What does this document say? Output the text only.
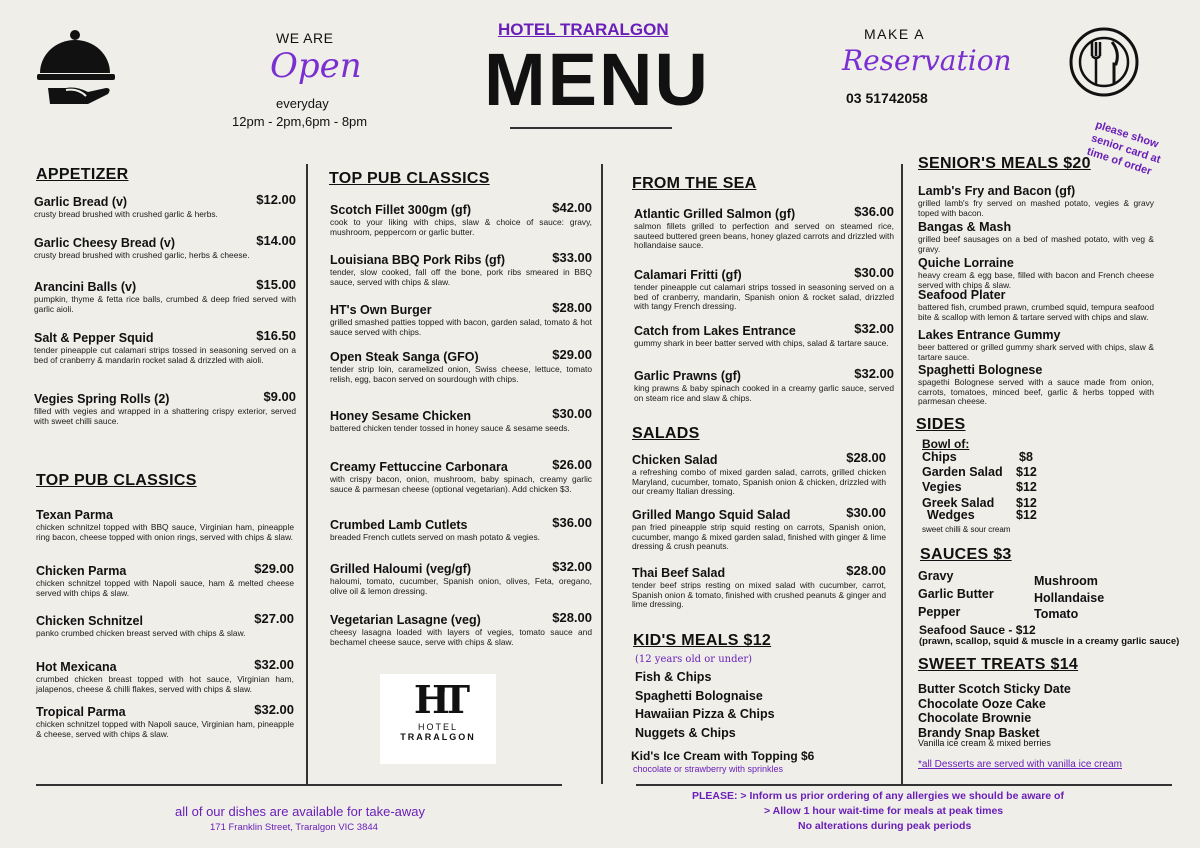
WE ARE
Open
everyday
12pm - 2pm,6pm - 8pm
HOTEL TRARALGON
MENU
MAKE A
Reservation
03 51742058
please show senior card at time of order
APPETIZER
Garlic Bread (v)	$12.00
crusty bread brushed with crushed garlic & herbs.
Garlic Cheesy Bread (v)	$14.00
crusty bread brushed with crushed garlic, herbs & cheese.
Arancini Balls (v)	$15.00
pumpkin, thyme & fetta rice balls, crumbed & deep fried served with garlic aioli.
Salt & Pepper Squid	$16.50
tender pineapple cut calamari strips tossed in seasoning served on a bed of cranberry & mandarin rocket salad & drizzled with aioli.
Vegies Spring Rolls (2)	$9.00
filled with vegies and wrapped in a shattering crispy exterior, served with sweet chilli sauce.
TOP PUB CLASSICS
Texan Parma
chicken schnitzel topped with BBQ sauce, Virginian ham, pineapple ring bacon, cheese topped with onion rings, served with chips & slaw.
Chicken Parma	$29.00
chicken schnitzel topped with Napoli sauce, ham & melted cheese served with chips & slaw.
Chicken Schnitzel	$27.00
panko crumbed chicken breast served with chips & slaw.
Hot Mexicana	$32.00
crumbed chicken breast topped with hot sauce, Virginian ham, jalapenos, cheese & chilli flakes, served with chips & slaw.
Tropical Parma	$32.00
chicken schnitzel topped with Napoli sauce, Virginian ham, pineapple & cheese, served with chips & slaw.
TOP PUB CLASSICS
Scotch Fillet 300gm (gf)	$42.00
cook to your liking with chips, slaw & choice of sauce: gravy, mushroom, peppercorn or garlic butter.
Louisiana BBQ Pork Ribs (gf)	$33.00
tender, slow cooked, fall off the bone, pork ribs smeared in BBQ sauce, served with chips & slaw.
HT's Own Burger	$28.00
grilled smashed patties topped with bacon, garden salad, tomato & hot sauce served with chips.
Open Steak Sanga (GFO)	$29.00
tender strip loin, caramelized onion, Swiss cheese, lettuce, tomato relish, egg, bacon served on sourdough with chips.
Honey Sesame Chicken	$30.00
battered chicken tender tossed in honey sauce & sesame seeds.
Creamy Fettuccine Carbonara	$26.00
with crispy bacon, onion, mushroom, baby spinach, creamy garlic sauce & parmesan cheese (optional vegetarian). Add chicken $3.
Crumbed Lamb Cutlets	$36.00
breaded French cutlets served on mash potato & vegies.
Grilled Haloumi (veg/gf)	$32.00
haloumi, tomato, cucumber, Spanish onion, olives, Feta, oregano, olive oil & lemon dressing.
Vegetarian Lasagne (veg)	$28.00
cheesy lasagna loaded with layers of vegies, tomato sauce and bechamel cheese sauce, serve with chips & slaw.
HT
HOTEL
TRARALGON
FROM THE SEA
Atlantic Grilled Salmon (gf)	$36.00
salmon fillets grilled to perfection and served on steamed rice, sauteed buttered green beans, honey glazed carrots and drizzled with hollandaise sauce.
Calamari Fritti (gf)	$30.00
tender pineapple cut calamari strips tossed in seasoning served on a bed of cranberry, mandarin, Spanish onion & rocket salad, drizzled with tangy French dressing.
Catch from Lakes Entrance	$32.00
gummy shark in beer batter served with chips, salad & tartare sauce.
Garlic Prawns (gf)	$32.00
king prawns & baby spinach cooked in a creamy garlic sauce, served on steam rice and slaw & chips.
SALADS
Chicken Salad	$28.00
a refreshing combo of mixed garden salad, carrots, grilled chicken Maryland, cucumber, tomato, Spanish onion & chicken, drizzled with our creamy Italian dressing.
Grilled Mango Squid Salad	$30.00
pan fried pineapple strip squid resting on carrots, Spanish onion, cucumber, mango & mixed garden salad, finished with ginger & lime dressing & crush peanuts.
Thai Beef Salad	$28.00
tender beef strips resting on mixed salad with cucumber, carrot, Spanish onion & tomato, finished with crushed peanuts & ginger and lime dressing.
KID'S MEALS $12
(12 years old or under)
Fish & Chips
Spaghetti Bolognaise
Hawaiian Pizza & Chips
Nuggets & Chips
Kid's Ice Cream with Topping $6
chocolate or strawberry with sprinkles
SENIOR'S MEALS $20
Lamb's Fry and Bacon (gf)
grilled lamb's fry served on mashed potato, vegies & gravy toped with bacon.
Bangas & Mash
grilled beef sausages on a bed of mashed potato, with veg & gravy.
Quiche Lorraine
heavy cream & egg base, filled with bacon and French cheese served with chips & slaw.
Seafood Plater
battered fish, crumbed prawn, crumbed squid, tempura seafood bite & scallop with lemon & tartare served with chips and slaw.
Lakes Entrance Gummy
beer battered or grilled gummy shark served with chips, slaw & tartare sauce.
Spaghetti Bolognese
spagethi Bolognese served with a sauce made from onion, carrots, tomatoes, minced beef, garlic & herbs topped with parmesan cheese.
SIDES
Bowl of:
Chips	$8
Garden Salad $12
Vegies	$12
Greek Salad $12
Wedges	$12
sweet chilli & sour cream
SAUCES $3
Gravy
Garlic Butter
Pepper
Mushroom
Hollandaise
Tomato
Seafood Sauce - $12
(prawn, scallop, squid & muscle in a creamy garlic sauce)
SWEET TREATS $14
Butter Scotch Sticky Date
Chocolate Ooze Cake
Chocolate Brownie
Brandy Snap Basket
Vanilla ice cream & mixed berries
*all Desserts are served with vanilla ice cream
all of our dishes are available for take-away
171 Franklin Street, Traralgon VIC 3844
PLEASE: > Inform us prior ordering of any allergies we should be aware of
> Allow 1 hour wait-time for meals at peak times
No alterations during peak periods
